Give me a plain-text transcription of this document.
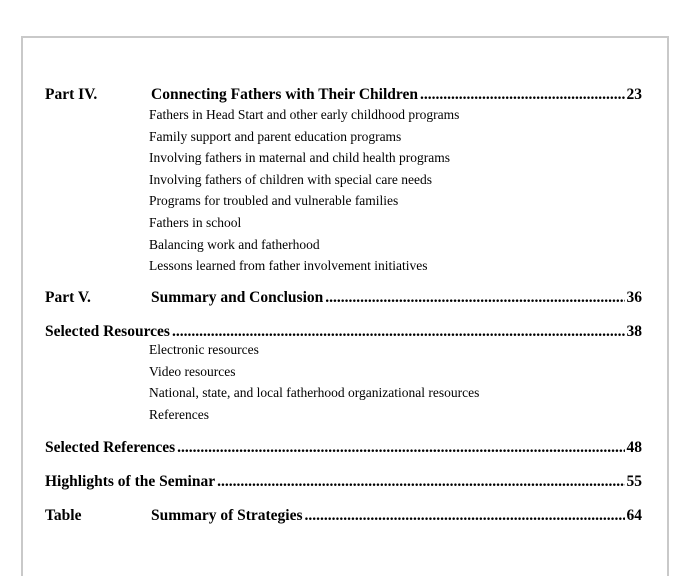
Part IV.	Connecting Fathers with Their Children .....	23
Fathers in Head Start and other early childhood programs
Family support and parent education programs
Involving fathers in maternal and child health programs
Involving fathers of children with special care needs
Programs for troubled and vulnerable families
Fathers in school
Balancing work and fatherhood
Lessons learned from father involvement initiatives
Part V.	Summary and Conclusion .....	36
Selected Resources .....	38
Electronic resources
Video resources
National, state, and local fatherhood organizational resources
References
Selected References .....	48
Highlights of the Seminar .....	55
Table	Summary of Strategies .....	64
